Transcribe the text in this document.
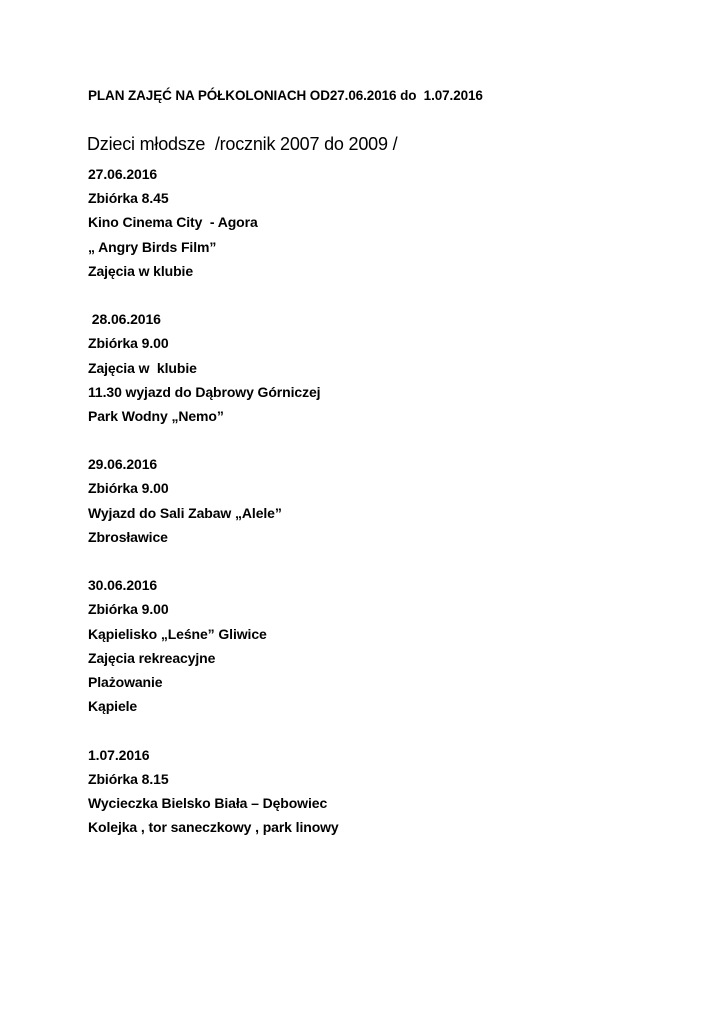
PLAN ZAJĘĆ NA PÓŁKOLONIACH OD27.06.2016 do  1.07.2016
Dzieci młodsze  /rocznik 2007 do 2009 /
27.06.2016
Zbiórka 8.45
Kino Cinema City  - Agora
„ Angry Birds Film”
Zajęcia w klubie
28.06.2016
Zbiórka 9.00
Zajęcia w  klubie
11.30 wyjazd do Dąbrowy Górniczej
Park Wodny „Nemo”
29.06.2016
Zbiórka 9.00
Wyjazd do Sali Zabaw „Alele”
Zbrosławice
30.06.2016
Zbiórka 9.00
Kąpielisko „Leśne” Gliwice
Zajęcia rekreacyjne
Plażowanie
Kąpiele
1.07.2016
Zbiórka 8.15
Wycieczka Bielsko Biała – Dębowiec
Kolejka , tor saneczkowy , park linowy
